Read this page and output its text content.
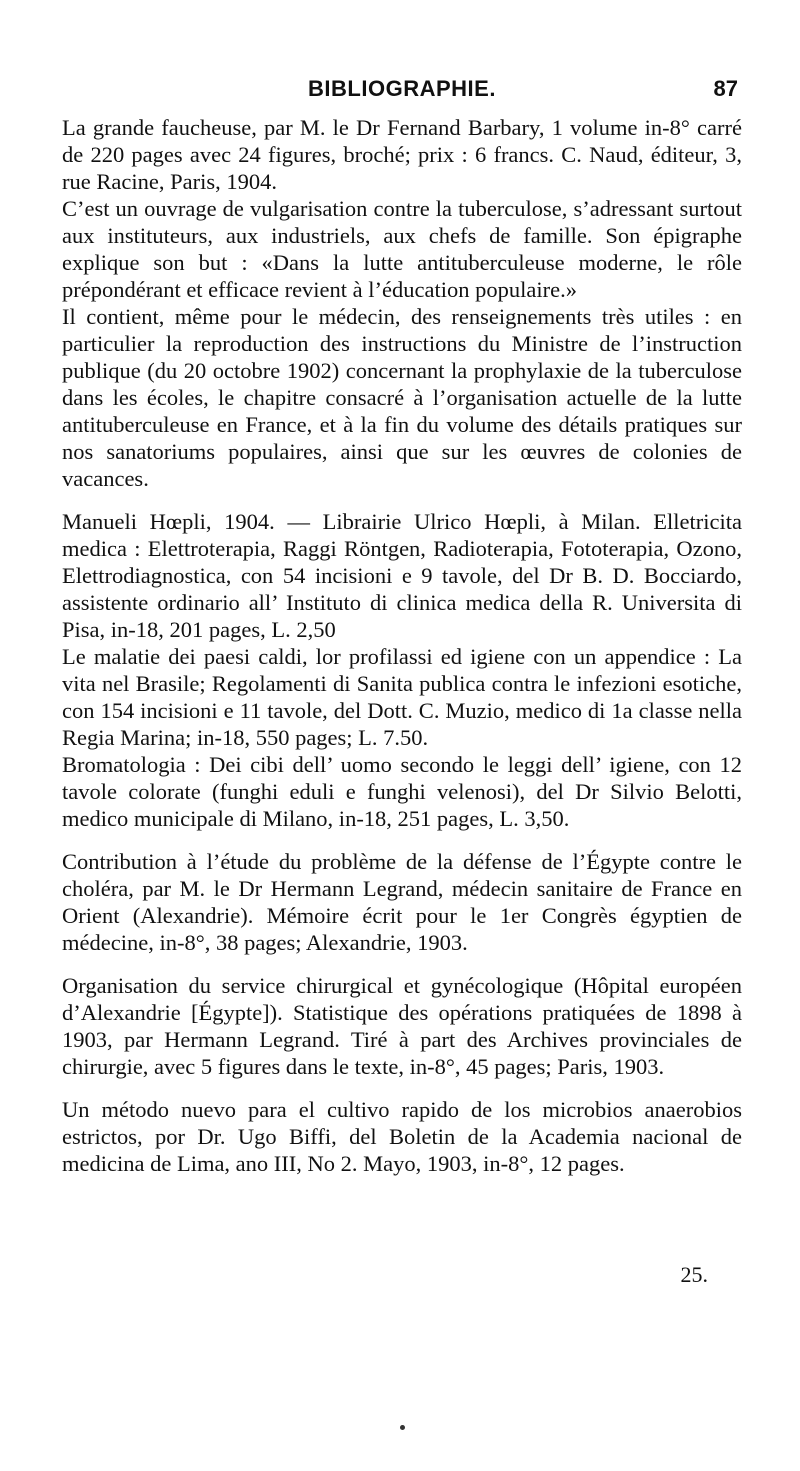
BIBLIOGRAPHIE.	87

La grande faucheuse, par M. le Dr Fernand Barbary, 1 volume in-8° carré de 220 pages avec 24 figures, broché; prix : 6 francs. C. Naud, éditeur, 3, rue Racine, Paris, 1904.

C’est un ouvrage de vulgarisation contre la tuberculose, s’adressant surtout aux instituteurs, aux industriels, aux chefs de famille. Son épigraphe explique son but : «Dans la lutte antituberculeuse moderne, le rôle prépondérant et efficace revient à l’éducation populaire.»

Il contient, même pour le médecin, des renseignements très utiles : en particulier la reproduction des instructions du Ministre de l’instruction publique (du 20 octobre 1902) concernant la prophylaxie de la tuberculose dans les écoles, le chapitre consacré à l’organisation actuelle de la lutte antituberculeuse en France, et à la fin du volume des détails pratiques sur nos sanatoriums populaires, ainsi que sur les œuvres de colonies de vacances.

Manueli Hœpli, 1904. — Librairie Ulrico Hœpli, à Milan. Elletricita medica : Elettroterapia, Raggi Röntgen, Radioterapia, Fototerapia, Ozono, Elettrodiagnostica, con 54 incisioni e 9 tavole, del Dr B. D. Bocciardo, assistente ordinario all’ Instituto di clinica medica della R. Universita di Pisa, in-18, 201 pages, L. 2,50

Le malatie dei paesi caldi, lor profilassi ed igiene con un appendice : La vita nel Brasile; Regolamenti di Sanita publica contra le infezioni esotiche, con 154 incisioni e 11 tavole, del Dott. C. Muzio, medico di 1a classe nella Regia Marina; in-18, 550 pages; L. 7.50.

Bromatologia : Dei cibi dell’ uomo secondo le leggi dell’ igiene, con 12 tavole colorate (funghi eduli e funghi velenosi), del Dr Silvio Belotti, medico municipale di Milano, in-18, 251 pages, L. 3,50.

Contribution à l’étude du problème de la défense de l’Égypte contre le choléra, par M. le Dr Hermann Legrand, médecin sanitaire de France en Orient (Alexandrie). Mémoire écrit pour le 1er Congrès égyptien de médecine, in-8°, 38 pages; Alexandrie, 1903.

Organisation du service chirurgical et gynécologique (Hôpital européen d’Alexandrie [Égypte]). Statistique des opérations pratiquées de 1898 à 1903, par Hermann Legrand. Tiré à part des Archives provinciales de chirurgie, avec 5 figures dans le texte, in-8°, 45 pages; Paris, 1903.

Un método nuevo para el cultivo rapido de los microbios anaerobios estrictos, por Dr. Ugo Biffi, del Boletin de la Academia nacional de medicina de Lima, ano III, No 2. Mayo, 1903, in-8°, 12 pages.

25.
